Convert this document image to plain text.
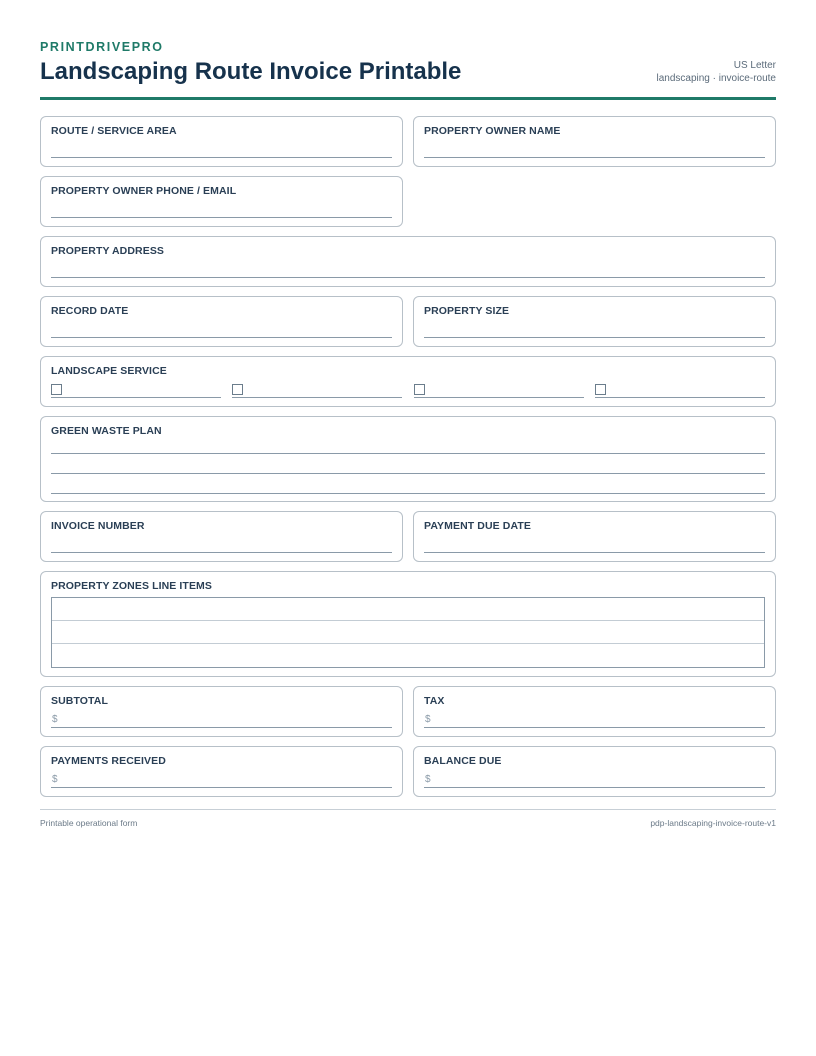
PRINTDRIVEPRO
Landscaping Route Invoice Printable	US Letter
landscaping · invoice-route
ROUTE / SERVICE AREA	PROPERTY OWNER NAME
PROPERTY OWNER PHONE / EMAIL
PROPERTY ADDRESS
RECORD DATE	PROPERTY SIZE
LANDSCAPE SERVICE
GREEN WASTE PLAN
INVOICE NUMBER	PAYMENT DUE DATE
PROPERTY ZONES LINE ITEMS
SUBTOTAL
$
TAX
$
PAYMENTS RECEIVED
$
BALANCE DUE
$
Printable operational form	pdp-landscaping-invoice-route-v1
